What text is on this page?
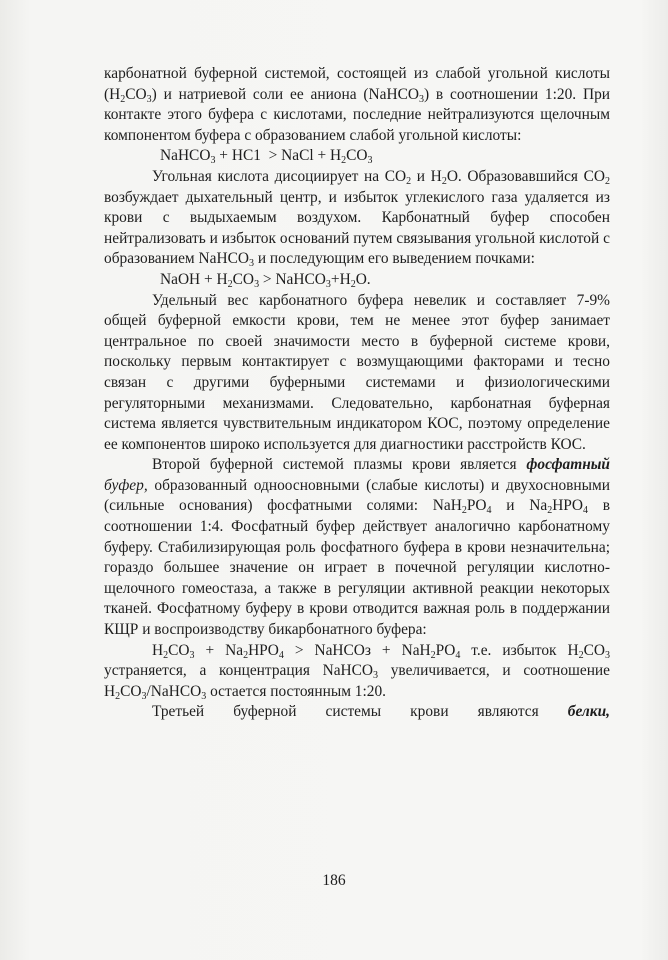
карбонатной буферной системой, состоящей из слабой угольной кислоты $(H_2CO_3)$ и натриевой соли ее аниона (NaHCO$_3$) в соотношении 1:20. При контакте этого буфера с кислотами, последние нейтрализуются щелочным компонентом буфера с образованием слабой угольной кислоты:

NaHCO$_3$ + HC1  > NaCl + $H_2CO_3$

Угольная кислота дисоциирует на $CO_2$ и $H_2O$. Образовавшийся $CO_2$ возбуждает дыхательный центр, и избыток углекислого газа удаляется из крови с выдыхаемым воздухом. Карбонатный буфер способен нейтрализовать и избыток оснований путем связывания угольной кислотой с образованием NaHCO$_3$ и последующим его выведением почками:

NaOH + $H_2CO_3$ > $NaHCO_3+H_2O$.

Удельный вес карбонатного буфера невелик и составляет 7-9% общей буферной емкости крови, тем не менее этот буфер занимает центральное по своей значимости место в буферной системе крови, поскольку первым контактирует с возмущающими факторами и тесно связан с другими буферными системами и физиологическими регуляторными механизмами. Следовательно, карбонатная буферная система является чувствительным индикатором КОС, поэтому определение ее компонентов широко используется для диагностики расстройств КОС.

Второй буферной системой плазмы крови является фосфатный буфер, образованный одноосновными (слабые кислоты) и двухосновными (сильные основания) фосфатными солями: $NaH_2PO_4$ и $Na_2HPO_4$ в соотношении 1:4. Фосфатный буфер действует аналогично карбонатному буферу. Стабилизирующая роль фосфатного буфера в крови незначительна; гораздо большее значение он играет в почечной регуляции кислотно-щелочного гомеостаза, а также в регуляции активной реакции некоторых тканей. Фосфатному буферу в крови отводится важная роль в поддержании КЩР и воспроизводству бикарбонатного буфера:

$H_2CO_3 + Na_2HPO_4$ > NaHCOз + $NaH_2PO_4$ т.е. избыток $H_2CO_3$ устраняется, а концентрация NaHCO$_3$ увеличивается, и соотношение $H_2CO_3/NaHCO_3$ остается постоянным 1:20.

Третьей буферной системы крови являются белки,

186
